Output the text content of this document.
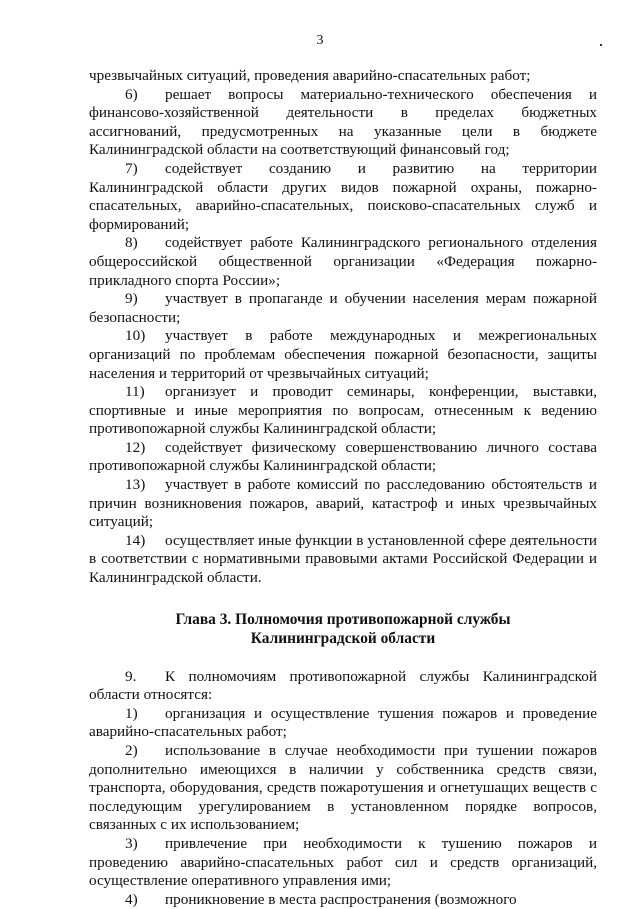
3

чрезвычайных ситуаций, проведения аварийно-спасательных работ;

6) решает вопросы материально-технического обеспечения и финансово-хозяйственной деятельности в пределах бюджетных ассигнований, предусмотренных на указанные цели в бюджете Калининградской области на соответствующий финансовый год;

7) содействует созданию и развитию на территории Калининградской области других видов пожарной охраны, пожарно-спасательных, аварийно-спасательных, поисково-спасательных служб и формирований;

8) содействует работе Калининградского регионального отделения общероссийской общественной организации «Федерация пожарно-прикладного спорта России»;

9) участвует в пропаганде и обучении населения мерам пожарной безопасности;

10) участвует в работе международных и межрегиональных организаций по проблемам обеспечения пожарной безопасности, защиты населения и территорий от чрезвычайных ситуаций;

11) организует и проводит семинары, конференции, выставки, спортивные и иные мероприятия по вопросам, отнесенным к ведению противопожарной службы Калининградской области;

12) содействует физическому совершенствованию личного состава противопожарной службы Калининградской области;

13) участвует в работе комиссий по расследованию обстоятельств и причин возникновения пожаров, аварий, катастроф и иных чрезвычайных ситуаций;

14) осуществляет иные функции в установленной сфере деятельности в соответствии с нормативными правовыми актами Российской Федерации и Калининградской области.

Глава 3. Полномочия противопожарной службы
Калининградской области

9. К полномочиям противопожарной службы Калининградской области относятся:

1) организация и осуществление тушения пожаров и проведение аварийно-спасательных работ;

2) использование в случае необходимости при тушении пожаров дополнительно имеющихся в наличии у собственника средств связи, транспорта, оборудования, средств пожаротушения и огнетушащих веществ с последующим урегулированием в установленном порядке вопросов, связанных с их использованием;

3) привлечение при необходимости к тушению пожаров и проведению аварийно-спасательных работ сил и средств организаций, осуществление оперативного управления ими;

4) проникновение в места распространения (возможного
